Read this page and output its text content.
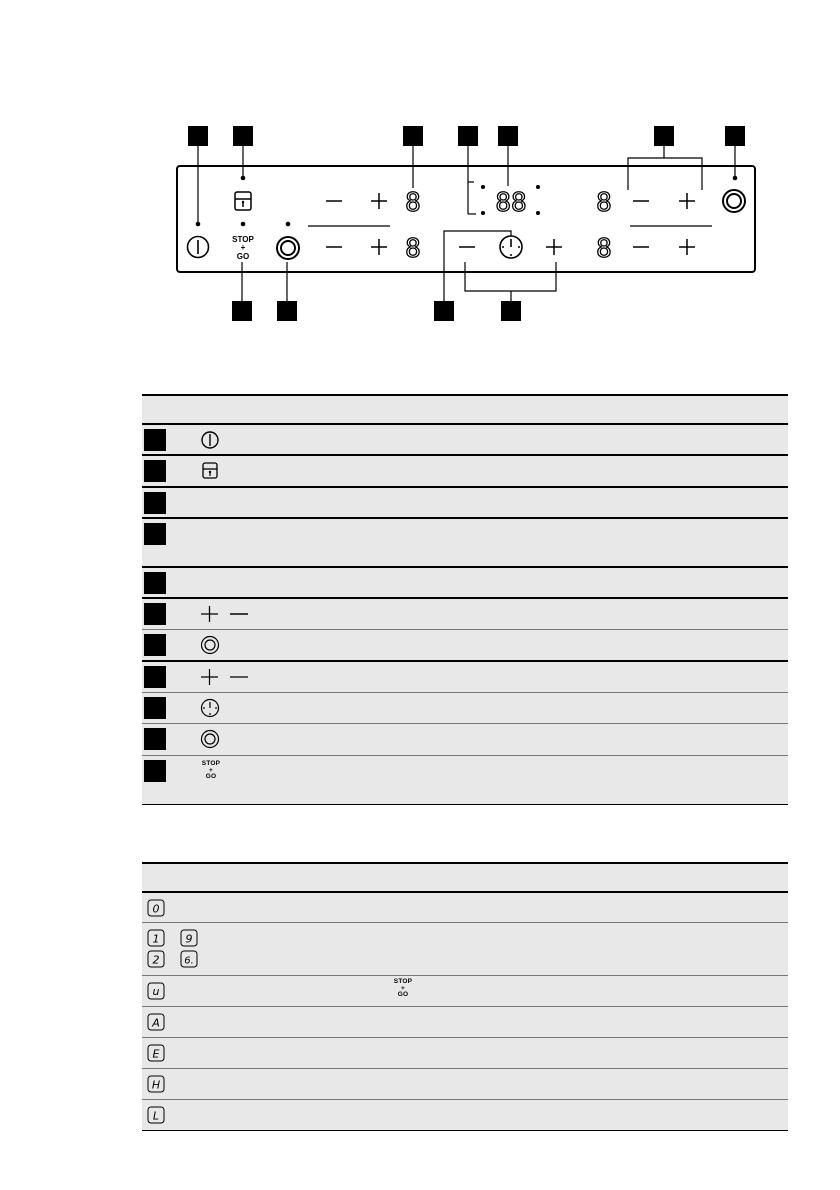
STOP
+
GO
8
8
8
8
88
STOP
+
GO
0
1 9
2 6.
u
STOP
+
GO
A
E
H
L
